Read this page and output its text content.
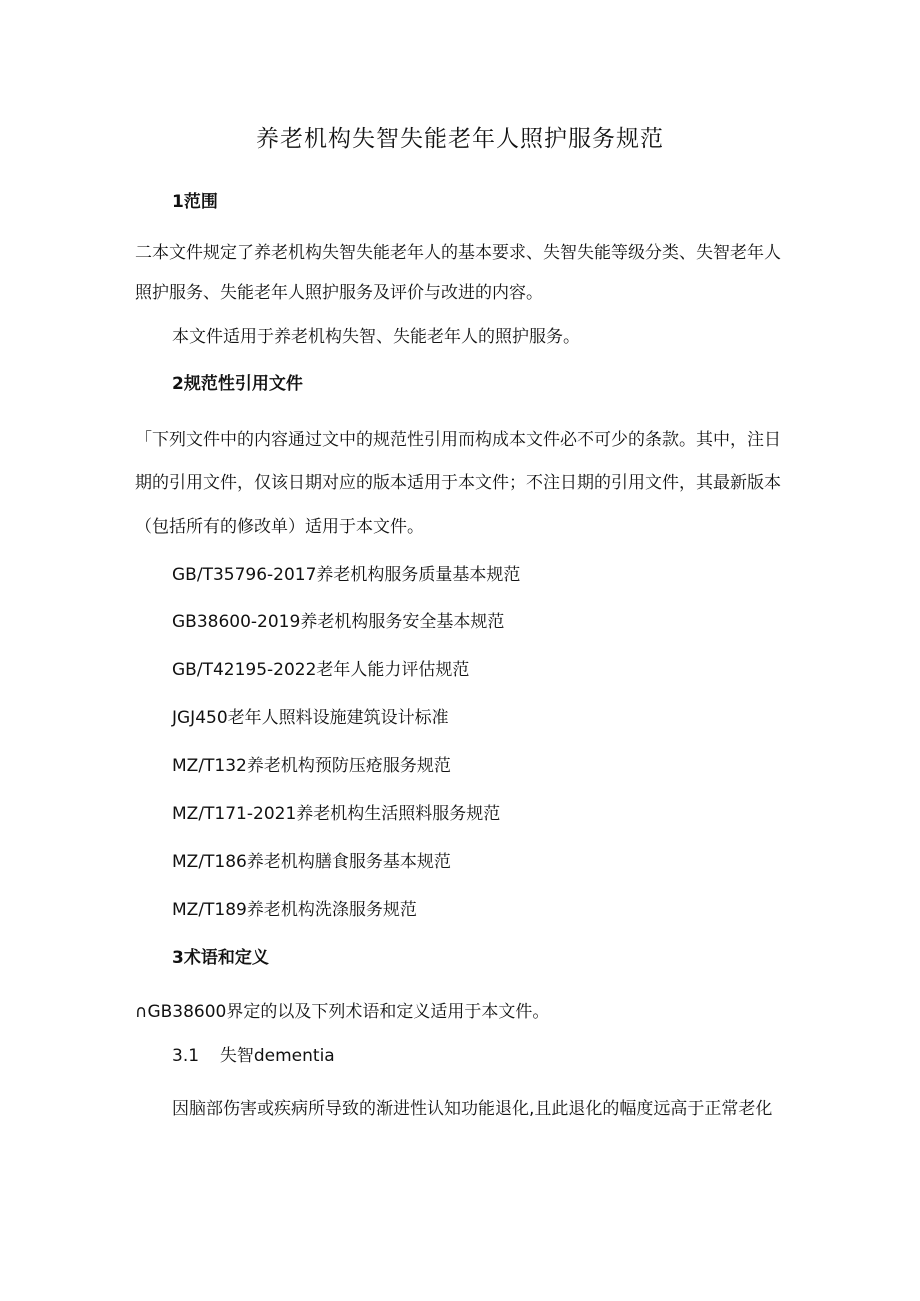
养老机构失智失能老年人照护服务规范
1范围
二本文件规定了养老机构失智失能老年人的基本要求、失智失能等级分类、失智老年人
照护服务、失能老年人照护服务及评价与改进的内容。
本文件适用于养老机构失智、失能老年人的照护服务。
2规范性引用文件
「下列文件中的内容通过文中的规范性引用而构成本文件必不可少的条款。其中，注日
期的引用文件，仅该日期对应的版本适用于本文件；不注日期的引用文件，其最新版本
（包括所有的修改单）适用于本文件。
GB/T35796-2017养老机构服务质量基本规范
GB38600-2019养老机构服务安全基本规范
GB/T42195-2022老年人能力评估规范
JGJ450老年人照料设施建筑设计标准
MZ/T132养老机构预防压疮服务规范
MZ/T171-2021养老机构生活照料服务规范
MZ/T186养老机构膳食服务基本规范
MZ/T189养老机构洗涤服务规范
3术语和定义
∩GB38600界定的以及下列术语和定义适用于本文件。
3.1 失智dementia
因脑部伤害或疾病所导致的渐进性认知功能退化,且此退化的幅度远高于正常老化
